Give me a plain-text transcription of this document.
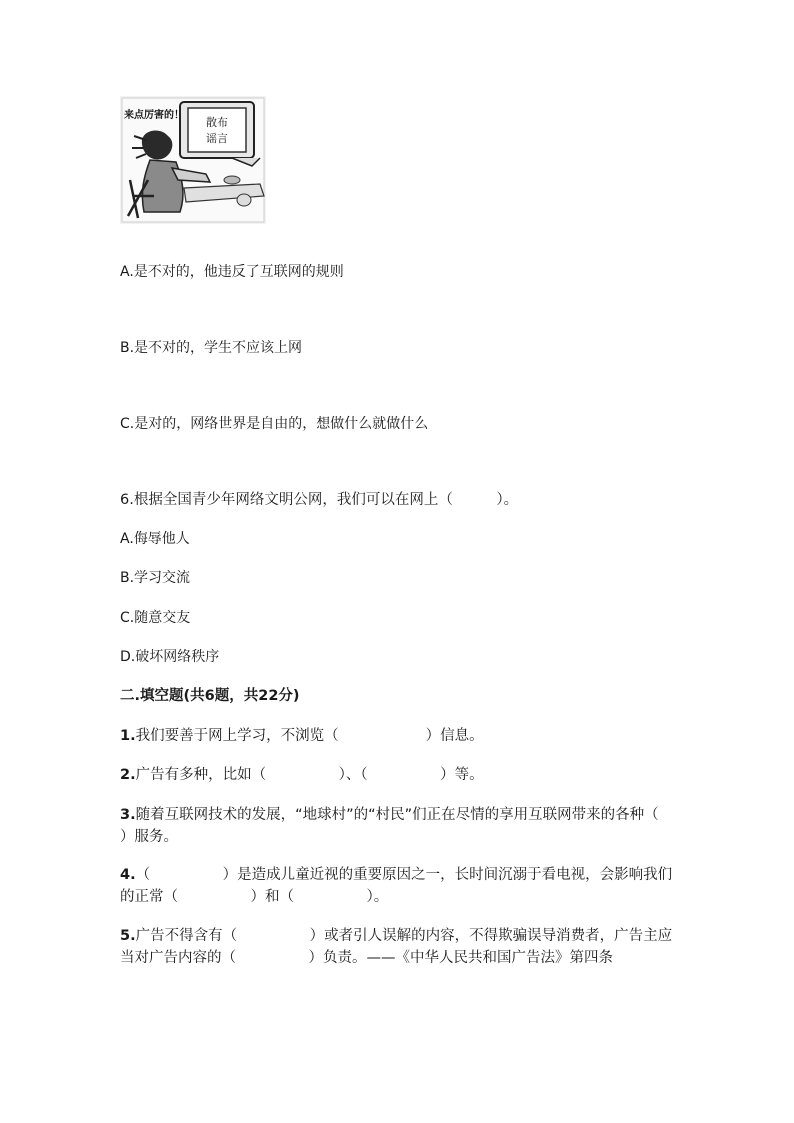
散布
谣言
来点厉害的！
A.是不对的，他违反了互联网的规则
B.是不对的，学生不应该上网
C.是对的，网络世界是自由的，想做什么就做什么
6.根据全国青少年网络文明公网，我们可以在网上（　　　）。
A.侮辱他人
B.学习交流
C.随意交友
D.破坏网络秩序
二.填空题(共6题，共22分)
1.我们要善于网上学习，不浏览（　　　　　　）信息。
2.广告有多种，比如（　　　　　）、（　　　　　）等。
3.随着互联网技术的发展，“地球村”的“村民”们正在尽情的享用互联网带来的各种（　　　　　）服务。
4.（　　　　　）是造成儿童近视的重要原因之一，长时间沉溺于看电视，会影响我们的正常（　　　　　）和（　　　　　）。
5.广告不得含有（　　　　　）或者引人误解的内容，不得欺骗误导消费者，广告主应当对广告内容的（　　　　　）负责。——《中华人民共和国广告法》第四条
